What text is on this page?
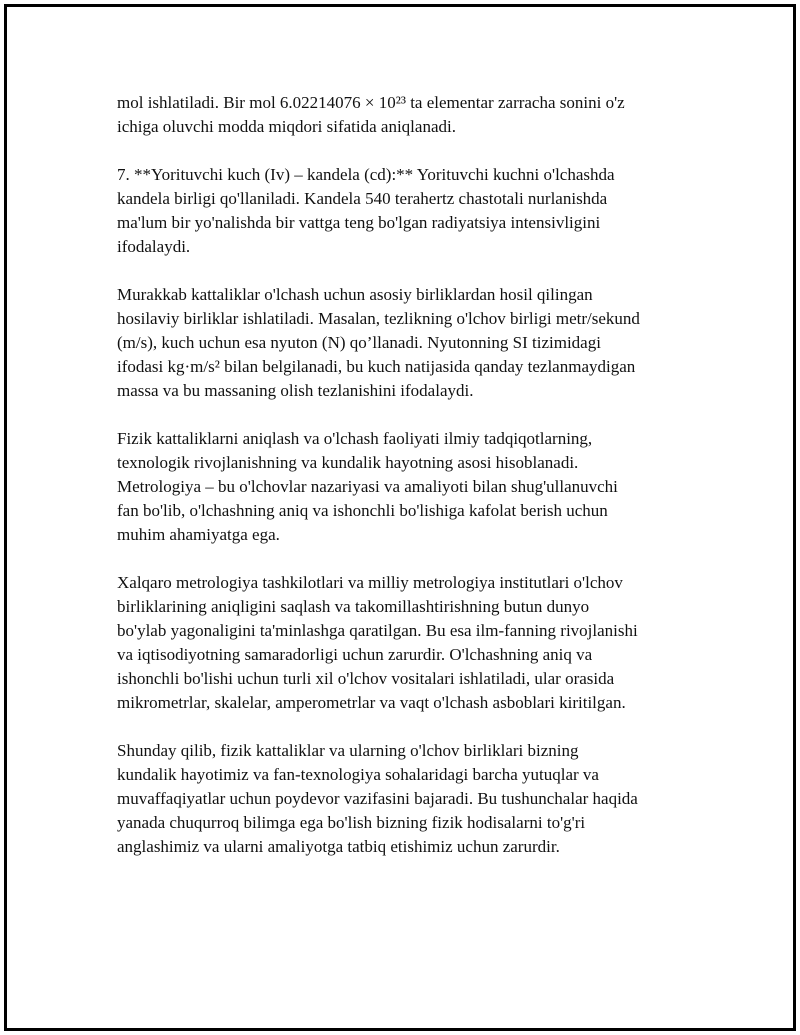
mol ishlatiladi. Bir mol 6.02214076 × 10²³ ta elementar zarracha sonini o'z
ichiga oluvchi modda miqdori sifatida aniqlanadi.

7. **Yorituvchi kuch (Iv) – kandela (cd):** Yorituvchi kuchni o'lchashda
kandela birligi qo'llaniladi. Kandela 540 terahertz chastotali nurlanishda
ma'lum bir yo'nalishda bir vattga teng bo'lgan radiyatsiya intensivligini
ifodalaydi.

Murakkab kattaliklar o'lchash uchun asosiy birliklardan hosil qilingan
hosilaviy birliklar ishlatiladi. Masalan, tezlikning o'lchov birligi metr/sekund
(m/s), kuch uchun esa nyuton (N) qo’llanadi. Nyutonning SI tizimidagi
ifodasi kg·m/s² bilan belgilanadi, bu kuch natijasida qanday tezlanmaydigan
massa va bu massaning olish tezlanishini ifodalaydi.

Fizik kattaliklarni aniqlash va o'lchash faoliyati ilmiy tadqiqotlarning,
texnologik rivojlanishning va kundalik hayotning asosi hisoblanadi.
Metrologiya – bu o'lchovlar nazariyasi va amaliyoti bilan shug'ullanuvchi
fan bo'lib, o'lchashning aniq va ishonchli bo'lishiga kafolat berish uchun
muhim ahamiyatga ega.

Xalqaro metrologiya tashkilotlari va milliy metrologiya institutlari o'lchov
birliklarining aniqligini saqlash va takomillashtirishning butun dunyo
bo'ylab yagonaligini ta'minlashga qaratilgan. Bu esa ilm-fanning rivojlanishi
va iqtisodiyotning samaradorligi uchun zarurdir. O'lchashning aniq va
ishonchli bo'lishi uchun turli xil o'lchov vositalari ishlatiladi, ular orasida
mikrometrlar, skalelar, amperometrlar va vaqt o'lchash asboblari kiritilgan.

Shunday qilib, fizik kattaliklar va ularning o'lchov birliklari bizning
kundalik hayotimiz va fan-texnologiya sohalaridagi barcha yutuqlar va
muvaffaqiyatlar uchun poydevor vazifasini bajaradi. Bu tushunchalar haqida
yanada chuqurroq bilimga ega bo'lish bizning fizik hodisalarni to'g'ri
anglashimiz va ularni amaliyotga tatbiq etishimiz uchun zarurdir.
